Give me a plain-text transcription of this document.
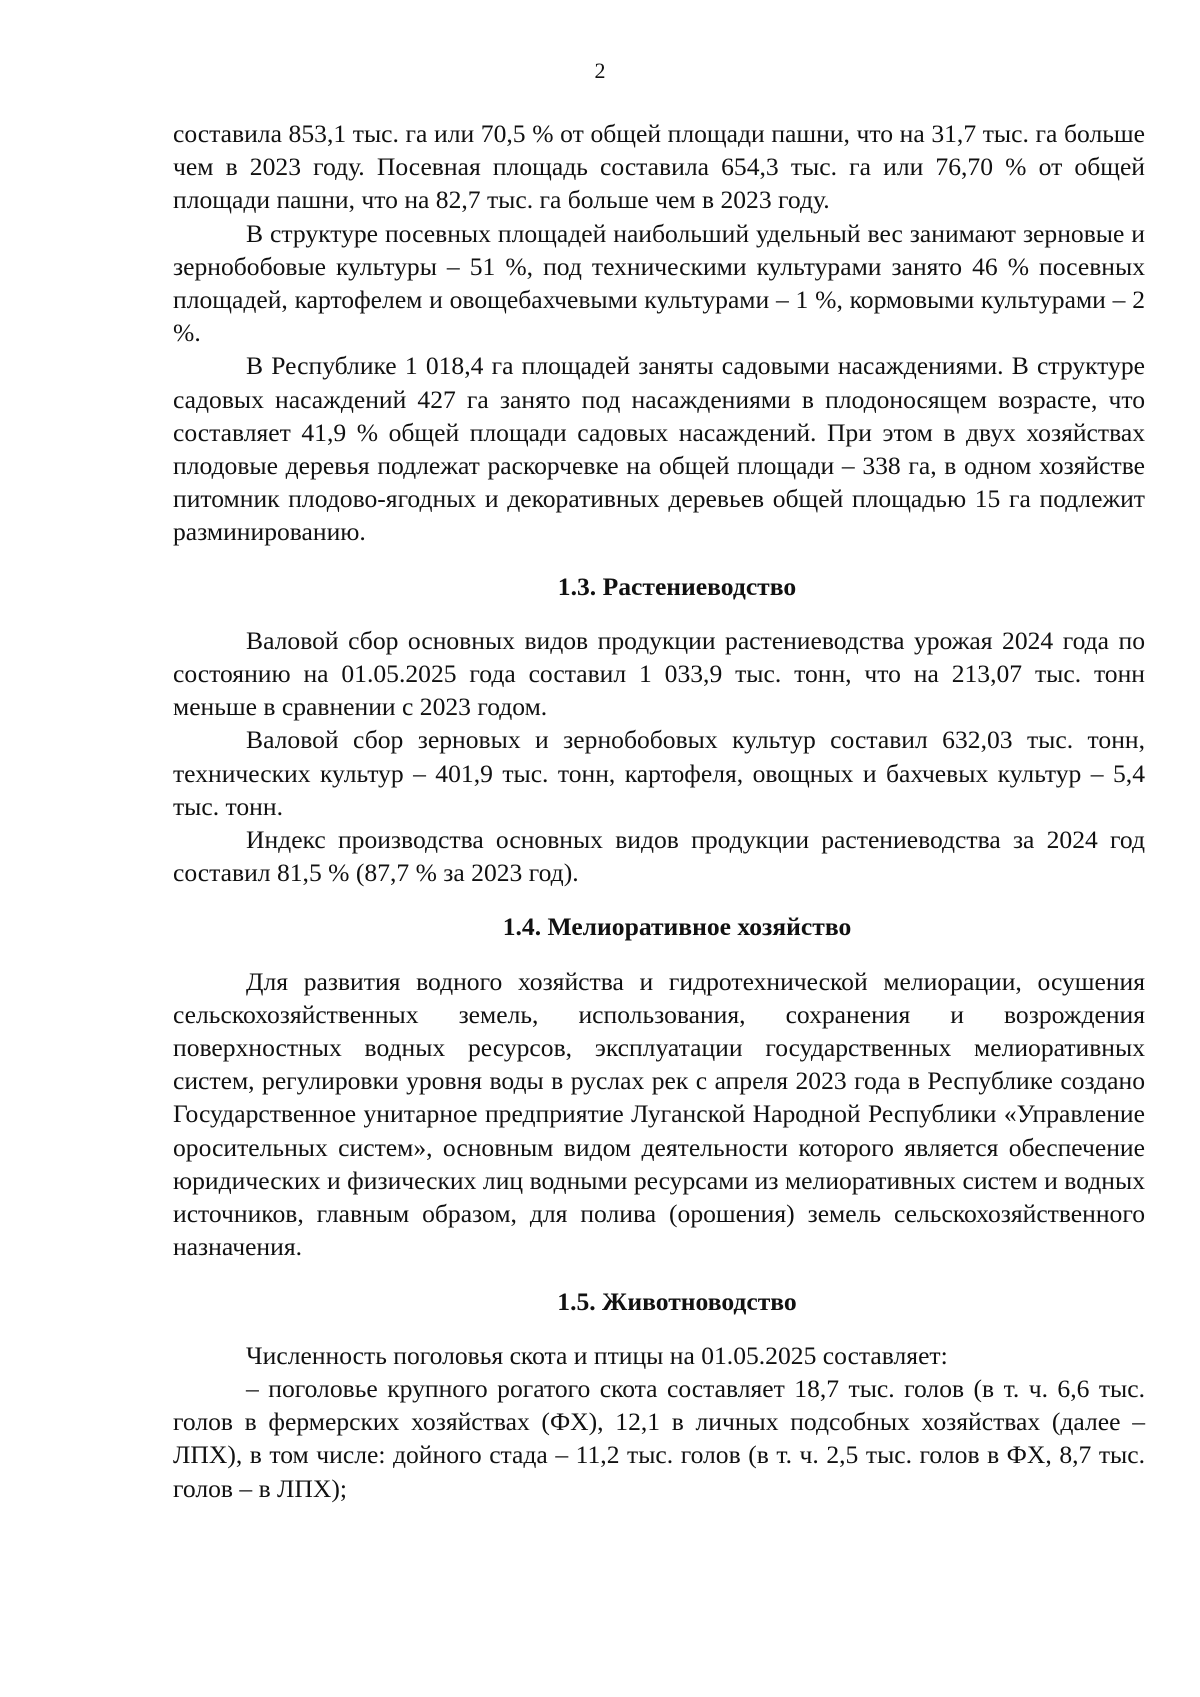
2

составила 853,1 тыс. га или 70,5 % от общей площади пашни, что на 31,7 тыс. га больше чем в 2023 году. Посевная площадь составила 654,3 тыс. га или 76,70 % от общей площади пашни, что на 82,7 тыс. га больше чем в 2023 году.

В структуре посевных площадей наибольший удельный вес занимают зерновые и зернобобовые культуры – 51 %, под техническими культурами занято 46 % посевных площадей, картофелем и овощебахчевыми культурами – 1 %, кормовыми культурами – 2 %.

В Республике 1 018,4 га площадей заняты садовыми насаждениями. В структуре садовых насаждений 427 га занято под насаждениями в плодоносящем возрасте, что составляет 41,9 % общей площади садовых насаждений. При этом в двух хозяйствах плодовые деревья подлежат раскорчевке на общей площади – 338 га, в одном хозяйстве питомник плодово-ягодных и декоративных деревьев общей площадью 15 га подлежит разминированию.

1.3. Растениеводство

Валовой сбор основных видов продукции растениеводства урожая 2024 года по состоянию на 01.05.2025 года составил 1 033,9 тыс. тонн, что на 213,07 тыс. тонн меньше в сравнении с 2023 годом.

Валовой сбор зерновых и зернобобовых культур составил 632,03 тыс. тонн, технических культур – 401,9 тыс. тонн, картофеля, овощных и бахчевых культур – 5,4 тыс. тонн.

Индекс производства основных видов продукции растениеводства за 2024 год составил 81,5 % (87,7 % за 2023 год).

1.4. Мелиоративное хозяйство

Для развития водного хозяйства и гидротехнической мелиорации, осушения сельскохозяйственных земель, использования, сохранения и возрождения поверхностных водных ресурсов, эксплуатации государственных мелиоративных систем, регулировки уровня воды в руслах рек с апреля 2023 года в Республике создано Государственное унитарное предприятие Луганской Народной Республики «Управление оросительных систем», основным видом деятельности которого является обеспечение юридических и физических лиц водными ресурсами из мелиоративных систем и водных источников, главным образом, для полива (орошения) земель сельскохозяйственного назначения.

1.5. Животноводство

Численность поголовья скота и птицы на 01.05.2025 составляет:

– поголовье крупного рогатого скота составляет 18,7 тыс. голов (в т. ч. 6,6 тыс. голов в фермерских хозяйствах (ФХ), 12,1 в личных подсобных хозяйствах (далее – ЛПХ), в том числе: дойного стада – 11,2 тыс. голов (в т. ч. 2,5 тыс. голов в ФХ, 8,7 тыс. голов – в ЛПХ);
